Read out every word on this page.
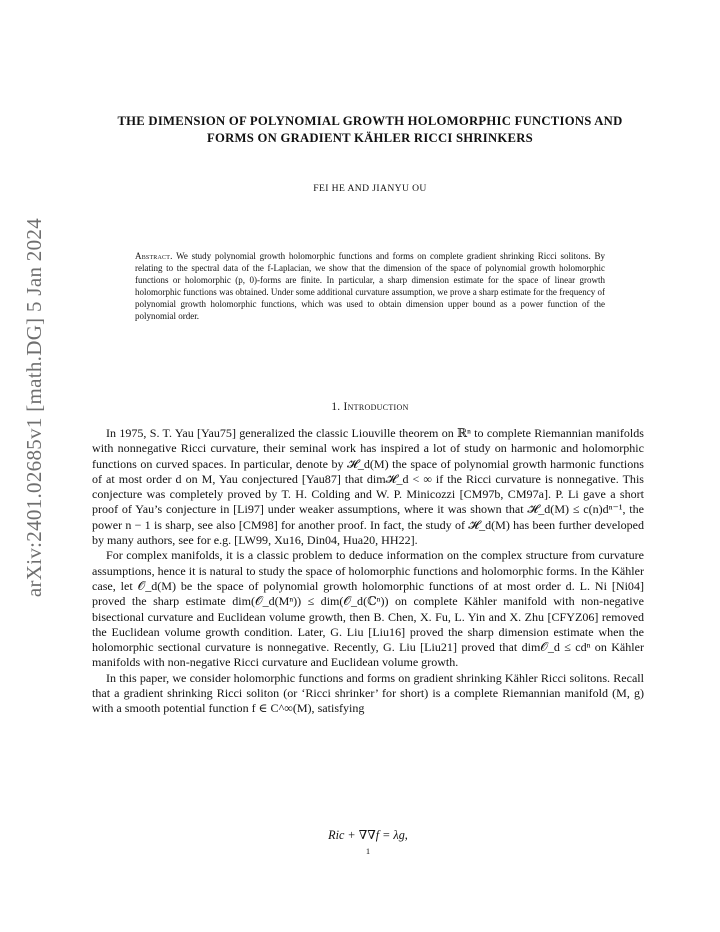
arXiv:2401.02685v1 [math.DG] 5 Jan 2024
THE DIMENSION OF POLYNOMIAL GROWTH HOLOMORPHIC FUNCTIONS AND FORMS ON GRADIENT KÄHLER RICCI SHRINKERS
FEI HE AND JIANYU OU
Abstract. We study polynomial growth holomorphic functions and forms on complete gradient shrinking Ricci solitons. By relating to the spectral data of the f-Laplacian, we show that the dimension of the space of polynomial growth holomorphic functions or holomorphic (p, 0)-forms are finite. In particular, a sharp dimension estimate for the space of linear growth holomorphic functions was obtained. Under some additional curvature assumption, we prove a sharp estimate for the frequency of polynomial growth holomorphic functions, which was used to obtain dimension upper bound as a power function of the polynomial order.
1. Introduction

In 1975, S. T. Yau [Yau75] generalized the classic Liouville theorem on ℝⁿ to complete Riemannian manifolds with nonnegative Ricci curvature, their seminal work has inspired a lot of study on harmonic and holomorphic functions on curved spaces. In particular, denote by 𝓗_d(M) the space of polynomial growth harmonic functions of at most order d on M, Yau conjectured [Yau87] that dim𝓗_d < ∞ if the Ricci curvature is nonnegative. This conjecture was completely proved by T. H. Colding and W. P. Minicozzi [CM97b, CM97a]. P. Li gave a short proof of Yau’s conjecture in [Li97] under weaker assumptions, where it was shown that 𝓗_d(M) ≤ c(n)dⁿ⁻¹, the power n − 1 is sharp, see also [CM98] for another proof. In fact, the study of 𝓗_d(M) has been further developed by many authors, see for e.g. [LW99, Xu16, Din04, Hua20, HH22].

For complex manifolds, it is a classic problem to deduce information on the complex structure from curvature assumptions, hence it is natural to study the space of holomorphic functions and holomorphic forms. In the Kähler case, let 𝒪_d(M) be the space of polynomial growth holomorphic functions of at most order d. L. Ni [Ni04] proved the sharp estimate dim(𝒪_d(Mⁿ)) ≤ dim(𝒪_d(ℂⁿ)) on complete Kähler manifold with non-negative bisectional curvature and Euclidean volume growth, then B. Chen, X. Fu, L. Yin and X. Zhu [CFYZ06] removed the Euclidean volume growth condition. Later, G. Liu [Liu16] proved the sharp dimension estimate when the holomorphic sectional curvature is nonnegative. Recently, G. Liu [Liu21] proved that dim𝒪_d ≤ cdⁿ on Kähler manifolds with non-negative Ricci curvature and Euclidean volume growth.

In this paper, we consider holomorphic functions and forms on gradient shrinking Kähler Ricci solitons. Recall that a gradient shrinking Ricci soliton (or ‘Ricci shrinker’ for short) is a complete Riemannian manifold (M, g) with a smooth potential function f ∈ C^∞(M), satisfying

Ric + ∇∇f = λg,
1
